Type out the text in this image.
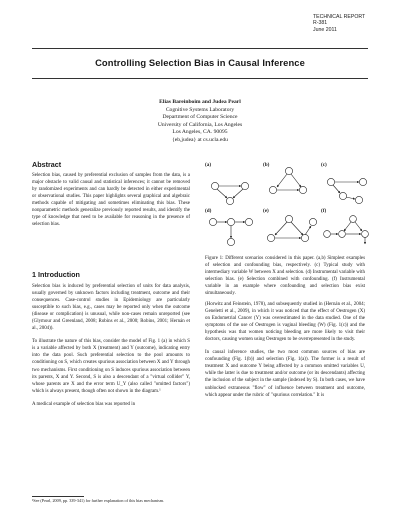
TECHNICAL REPORT
R-381
June 2011
Controlling Selection Bias in Causal Inference
Elias Bareinboim and Judea Pearl
Cognitive Systems Laboratory
Department of Computer Science
University of California, Los Angeles
Los Angeles, CA. 90095
{eb,judea} at cs.ucla.edu
Abstract

Selection bias, caused by preferential exclusion of samples from the data, is a major obstacle to valid causal and statistical inferences; it cannot be removed by randomized experiments and can hardly be detected in either experimental or observational studies. This paper highlights several graphical and algebraic methods capable of mitigating and sometimes eliminating this bias. These nonparametric methods generalize previously reported results, and identify the type of knowledge that need to be available for reasoning in the presence of selection bias.

1 Introduction

Selection bias is induced by preferential selection of units for data analysis, usually governed by unknown factors including treatment, outcome and their consequences. Case-control studies in Epidemiology are particularly susceptible to such bias, e.g., cases may be reported only when the outcome (disease or complication) is unusual, while non-cases remain unreported (see (Glymour and Greenland, 2008; Robins et al., 2000; Robins, 2001; Hernán et al., 2004)).

To illustrate the nature of this bias, consider the model of Fig. 1 (a) in which S is a variable affected by both X (treatment) and Y (outcome), indicating entry into the data pool. Such preferential selection to the pool amounts to conditioning on S, which creates spurious association between X and Y through two mechanisms. First conditioning on S induces spurious association between its parents, X and Y. Second, S is also a descendant of a "virtual collider" Y, whose parents are X and the error term U_Y (also called "omitted factors") which is always present, though often not shown in the diagram.¹

A medical example of selection bias was reported in

¹See (Pearl, 2009, pp. 339-341) for further explanation of this bias mechanism.
(a)	(b)	(c)
(d)	(e)	(f)

Figure 1: Different scenarios considered in this paper. (a,b) Simplest examples of selection and confounding bias, respectively. (c) Typical study with intermediary variable W between X and selection. (d) Instrumental variable with selection bias. (e) Selection combined with confounding. (f) Instrumental variable in an example where confounding and selection bias exist simultaneously.

(Horwitz and Feinstein, 1978), and subsequently studied in (Hernán et al., 2004; Geneletti et al., 2009), in which it was noticed that the effect of Oestrogen (X) on Endometrial Cancer (Y) was overestimated in the data studied. One of the symptoms of the use of Oestrogen is vaginal bleeding (W) (Fig. 1(c)) and the hypothesis was that women noticing bleeding are more likely to visit their doctors, causing women using Oestrogen to be overrepresented in the study.

In causal inference studies, the two most common sources of bias are confounding (Fig. 1(b)) and selection (Fig. 1(a)). The former is a result of treatment X and outcome Y being affected by a common omitted variables U, while the latter is due to treatment and/or outcome (or its descendants) affecting the inclusion of the subject in the sample (indexed by S). In both cases, we have unblocked extraneous "flow" of influence between treatment and outcome, which appear under the rubric of "spurious correlation." It is
